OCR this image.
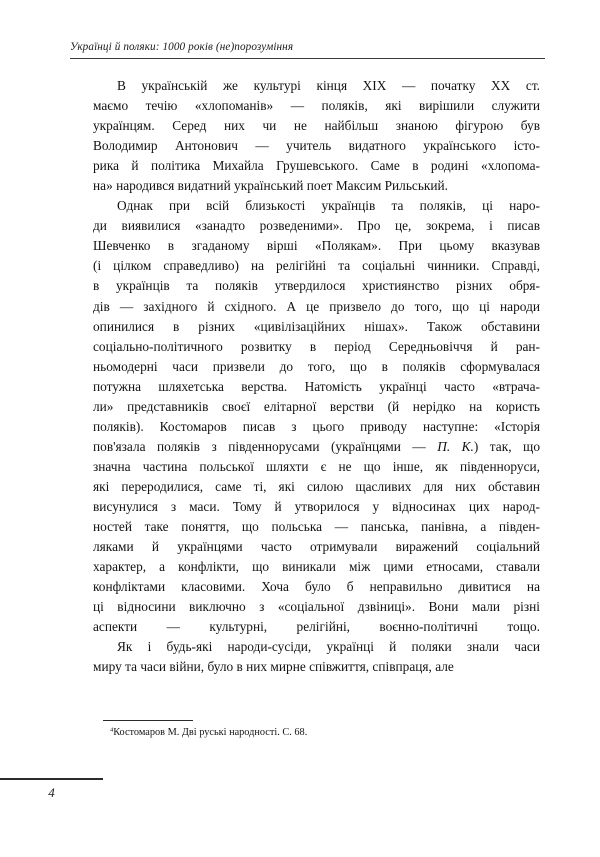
Українці й поляки: 1000 років (не)порозуміння

В українській же культурі кінця XIX — початку XX ст.
маємо течію «хлопоманів» — поляків, які вирішили служити
українцям. Серед них чи не найбільш знаною фігурою був
Володимир Антонович — учитель видатного українського істо-
рика й політика Михайла Грушевського. Саме в родині «хлопома-
на» народився видатний український поет Максим Рильський.

Однак при всій близькості українців та поляків, ці наро-
ди виявилися «занадто розведеними». Про це, зокрема, і писав
Шевченко в згаданому вірші «Полякам». При цьому вказував
(і цілком справедливо) на релігійні та соціальні чинники. Справді,
в українців та поляків утвердилося християнство різних обря-
дів — західного й східного. А це призвело до того, що ці народи
опинилися в різних «цивілізаційних нішах». Також обставини
соціально-політичного розвитку в період Середньовіччя й ран-
ньомодерні часи призвели до того, що в поляків сформувалася
потужна шляхетська верства. Натомість українці часто «втрача-
ли» представників своєї елітарної верстви (й нерідко на користь
поляків). Костомаров писав з цього приводу наступне: «Історія
пов'язала поляків з південнорусами (українцями — П. К.) так, що
значна частина польської шляхти є не що інше, як південноруси,
які переродилися, саме ті, які силою щасливих для них обставин
висунулися з маси. Тому й утворилося у відносинах цих народ-
ностей таке поняття, що польська — панська, панівна, а півден-
ляками й українцями часто отримували виражений соціальний
характер, а конфлікти, що виникали між цими етносами, ставали
конфліктами класовими. Хоча було б неправильно дивитися на
ці відносини виключно з «соціальної дзвіниці». Вони мали різні
аспекти — культурні, релігійні, воєнно-політичні тощо.

Як і будь-які народи-сусіди, українці й поляки знали часи
миру та часи війни, було в них мирне співжиття, співпраця, але

$^4$Костомаров М. Дві руські народності. С. 68.
4
